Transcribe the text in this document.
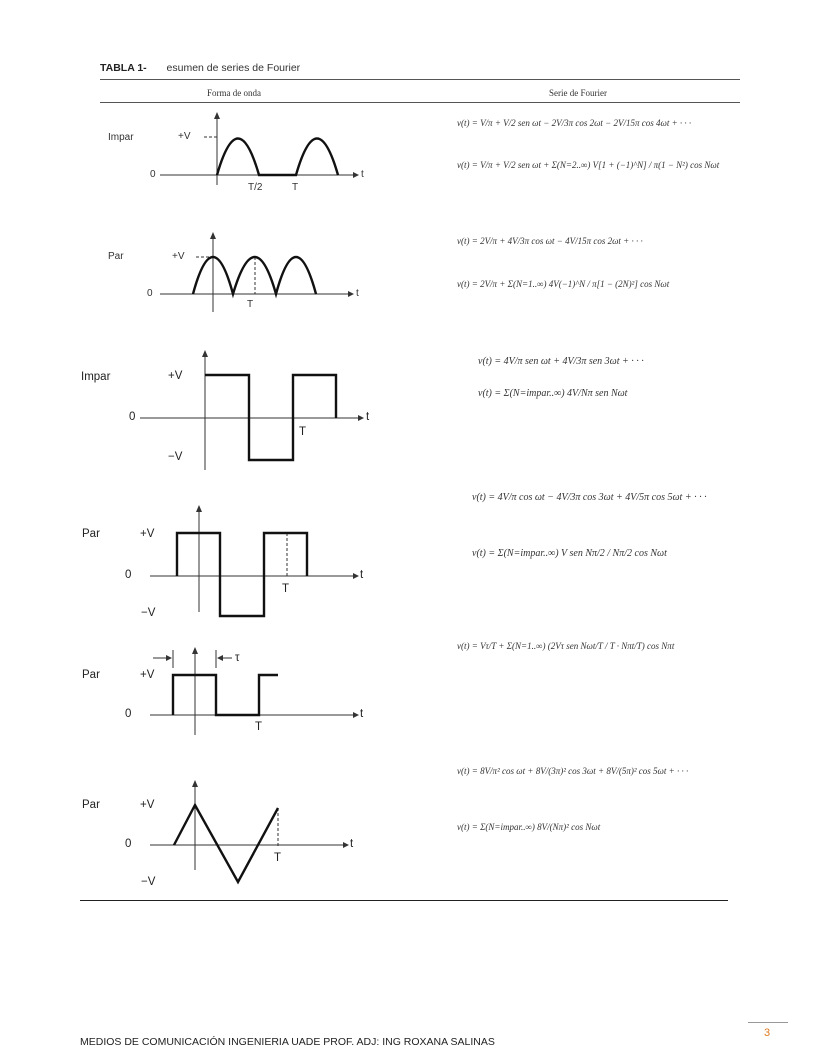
TABLA 1- esumen de series de Fourier
Forma de onda	Serie de Fourier
Impar	+V
0
T/2	T
t
v(t) = V/π + V/2 sen ωt − 2V/3π cos 2ωt − 2V/15π cos 4ωt + · · ·
v(t) = V/π + V/2 sen ωt + Σ(N=2..∞) V[1 + (−1)^N] / π(1 − N²) cos Nωt
Par	+V
0
T
t
v(t) = 2V/π + 4V/3π cos ωt − 4V/15π cos 2ωt + · · ·
v(t) = 2V/π + Σ(N=1..∞) 4V(−1)^N / π[1 − (2N)²] cos Nωt
Impar	+V
0
T
−V
t
v(t) = 4V/π sen ωt + 4V/3π sen 3ωt + · · ·
v(t) = Σ(N=impar..∞) 4V/Nπ sen Nωt
Par	+V
0
T
−V
t
v(t) = 4V/π cos ωt − 4V/3π cos 3ωt + 4V/5π cos 5ωt + · · ·
v(t) = Σ(N=impar..∞) V sen Nπ/2 / Nπ/2 cos Nωt
Par	+V
0
T
τ
t
v(t) = Vτ/T + Σ(N=1..∞) (2Vτ sen Nωt/T / T · Nπt/T) cos Nπt
Par	+V
0
T
−V
t
v(t) = 8V/π² cos ωt + 8V/(3π)² cos 3ωt + 8V/(5π)² cos 5ωt + · · ·
v(t) = Σ(N=impar..∞) 8V/(Nπ)² cos Nωt
3
MEDIOS DE COMUNICACIÓN INGENIERIA UADE PROF. ADJ: ING ROXANA SALINAS
